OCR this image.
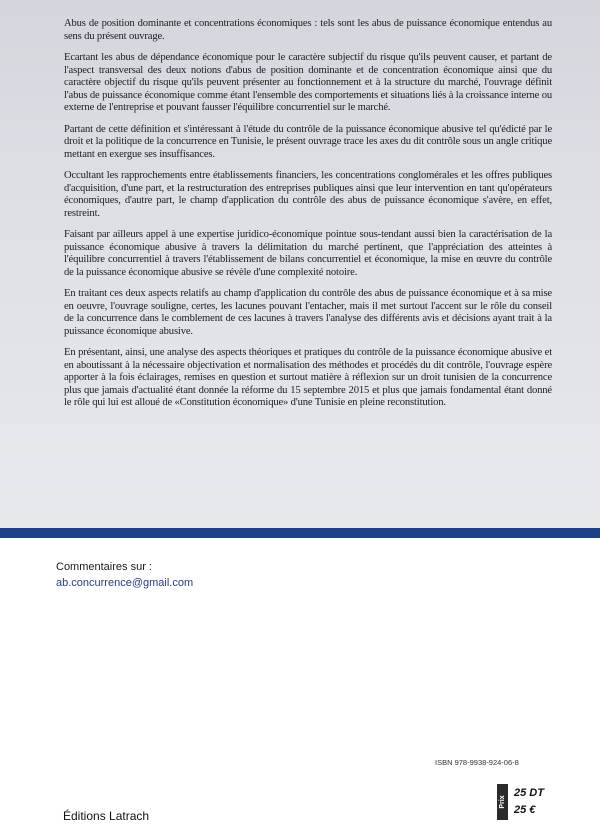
Abus de position dominante et concentrations économiques : tels sont les abus de puissance économique entendus au sens du présent ouvrage.

Ecartant les abus de dépendance économique pour le caractère subjectif du risque qu'ils peuvent causer, et partant de l'aspect transversal des deux notions d'abus de position dominante et de concentration économique ainsi que du caractère objectif du risque qu'ils peuvent présenter au fonctionnement et à la structure du marché, l'ouvrage définit l'abus de puissance économique comme étant l'ensemble des comportements et situations liés à la croissance interne ou externe de l'entreprise et pouvant fausser l'équilibre concurrentiel sur le marché.

Partant de cette définition et s'intéressant à l'étude du contrôle de la puissance économique abusive tel qu'édicté par le droit et la politique de la concurrence en Tunisie, le présent ouvrage trace les axes du dit contrôle sous un angle critique mettant en exergue ses insuffisances.

Occultant les rapprochements entre établissements financiers, les concentrations conglomérales et les offres publiques d'acquisition, d'une part, et la restructuration des entreprises publiques ainsi que leur intervention en tant qu'opérateurs économiques, d'autre part, le champ d'application du contrôle des abus de puissance économique s'avère, en effet, restreint.

Faisant par ailleurs appel à une expertise juridico-économique pointue sous-tendant aussi bien la caractérisation de la puissance économique abusive à travers la délimitation du marché pertinent, que l'appréciation des atteintes à l'équilibre concurrentiel à travers l'établissement de bilans concurrentiel et économique, la mise en œuvre du contrôle de la puissance économique abusive se révèle d'une complexité notoire.

En traitant ces deux aspects relatifs au champ d'application du contrôle des abus de puissance économique et à sa mise en oeuvre, l'ouvrage souligne, certes, les lacunes pouvant l'entacher, mais il met surtout l'accent sur le rôle du conseil de la concurrence dans le comblement de ces lacunes à travers l'analyse des différents avis et décisions ayant trait à la puissance économique abusive.

En présentant, ainsi, une analyse des aspects théoriques et pratiques du contrôle de la puissance économique abusive et en aboutissant à la nécessaire objectivation et normalisation des méthodes et procédés du dit contrôle, l'ouvrage espère apporter à la fois éclairages, remises en question et surtout matière à réflexion sur un droit tunisien de la concurrence plus que jamais d'actualité étant donnée la réforme du 15 septembre 2015 et plus que jamais fondamental étant donné le rôle qui lui est alloué de «Constitution économique» d'une Tunisie en pleine reconstitution.

Commentaires sur :
ab.concurrence@gmail.com
ISBN 978-9938-924-06-8
Éditions Latrach
Prix
25 DT
25 €
